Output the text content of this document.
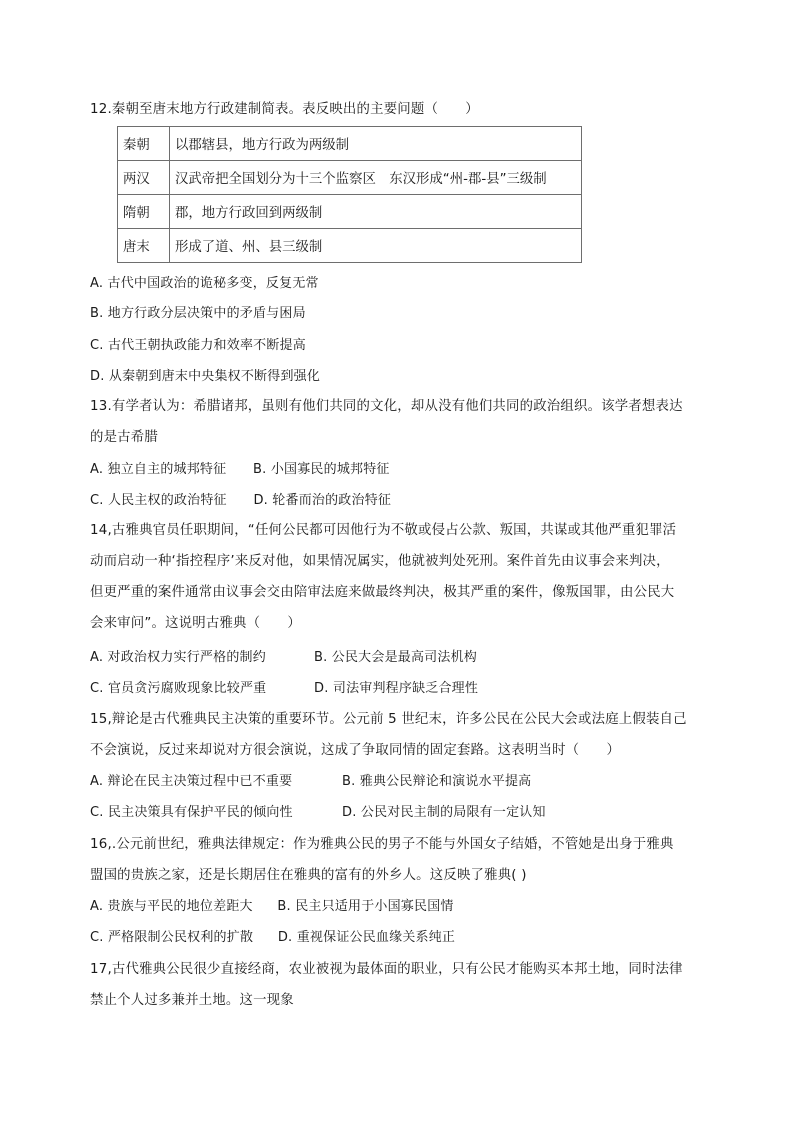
12.秦朝至唐末地方行政建制简表。表反映出的主要问题（　　）
秦朝	以郡辖县，地方行政为两级制
两汉	汉武帝把全国划分为十三个监察区　东汉形成“州-郡-县”三级制
隋朝	郡，地方行政回到两级制
唐末	形成了道、州、县三级制
A. 古代中国政治的诡秘多变，反复无常
B. 地方行政分层决策中的矛盾与困局
C. 古代王朝执政能力和效率不断提高
D. 从秦朝到唐末中央集权不断得到强化
13.有学者认为：希腊诸邦，虽则有他们共同的文化，却从没有他们共同的政治组织。该学者想表达
的是古希腊
A. 独立自主的城邦特征 B. 小国寡民的城邦特征
C. 人民主权的政治特征 D. 轮番而治的政治特征
14,古雅典官员任职期间，“任何公民都可因他行为不敬或侵占公款、叛国，共谋或其他严重犯罪活
动而启动一种‘指控程序’来反对他，如果情况属实，他就被判处死刑。案件首先由议事会来判决，
但更严重的案件通常由议事会交由陪审法庭来做最终判决，极其严重的案件，像叛国罪，由公民大
会来审问”。这说明古雅典（　　）
A. 对政治权力实行严格的制约	B. 公民大会是最高司法机构
C. 官员贪污腐败现象比较严重	D. 司法审判程序缺乏合理性
15,辩论是古代雅典民主决策的重要环节。公元前 5 世纪末，许多公民在公民大会或法庭上假装自己
不会演说，反过来却说对方很会演说，这成了争取同情的固定套路。这表明当时（　　）
A. 辩论在民主决策过程中已不重要	B. 雅典公民辩论和演说水平提高
C. 民主决策具有保护平民的倾向性	D. 公民对民主制的局限有一定认知
16,.公元前世纪，雅典法律规定：作为雅典公民的男子不能与外国女子结婚，不管她是出身于雅典
盟国的贵族之家，还是长期居住在雅典的富有的外乡人。这反映了雅典( )
A. 贵族与平民的地位差距大 B. 民主只适用于小国寡民国情
C. 严格限制公民权利的扩散 D. 重视保证公民血缘关系纯正
17,古代雅典公民很少直接经商，农业被视为最体面的职业，只有公民才能购买本邦土地，同时法律
禁止个人过多兼并土地。这一现象
